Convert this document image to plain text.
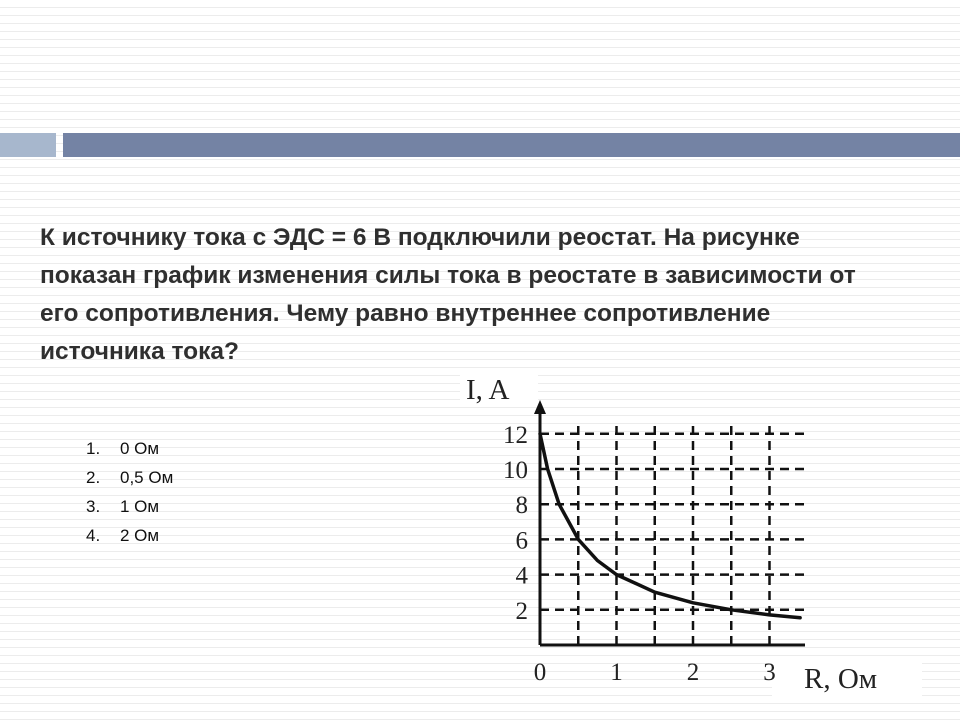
К источнику тока с ЭДС = 6 В подключили реостат. На рисунке показан график изменения силы тока в реостате в зависимости от его сопротивления. Чему равно внутреннее сопротивление источника тока?
1.	0 Ом
2.	0,5 Ом
3.	1 Ом
4.	2 Ом
2
4
6
8
10
12
0	1	2	3
I, A
R, Ом
